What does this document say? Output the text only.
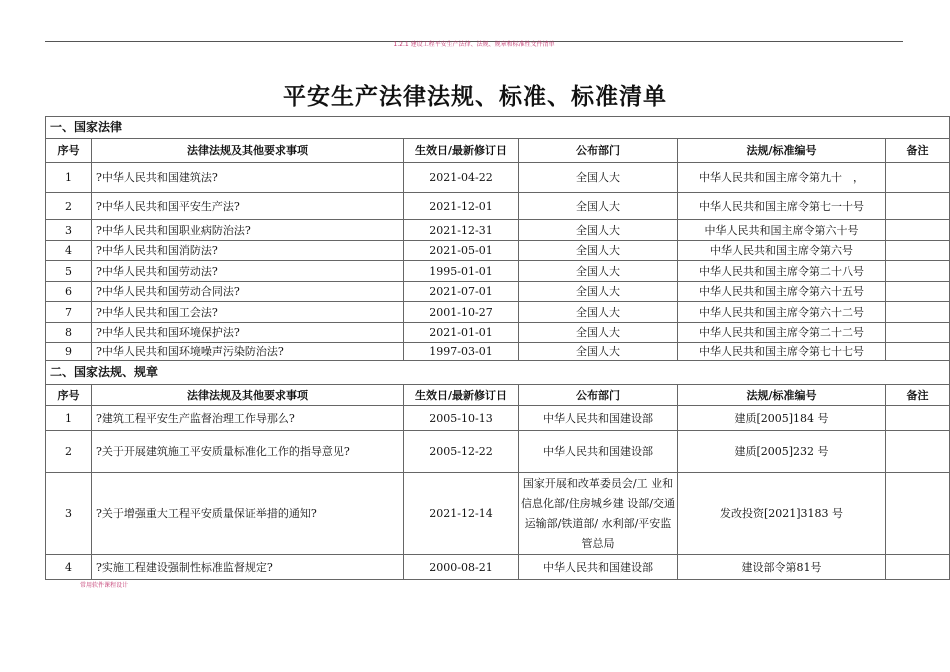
1.2.1 建设工程平安生产法律、法规、规章和标准性文件清单
平安生产法律法规、标准、标准清单
一、国家法律					
序号	法律法规及其他要求事项	生效日/最新修订日	公布部门	法规/标准编号	备注
1	?中华人民共和国建筑法?	2021-04-22	全国人大	中华人民共和国主席令第九十　，	
2	?中华人民共和国平安生产法?	2021-12-01	全国人大	中华人民共和国主席令第七一十号	
3	?中华人民共和国职业病防治法?	2021-12-31	全国人大	中华人民共和国主席令第六十号	
4	?中华人民共和国消防法?	2021-05-01	全国人大	中华人民共和国主席令第六号	
5	?中华人民共和国劳动法?	1995-01-01	全国人大	中华人民共和国主席令第二十八号	
6	?中华人民共和国劳动合同法?	2021-07-01	全国人大	中华人民共和国主席令第六十五号	
7	?中华人民共和国工会法?	2001-10-27	全国人大	中华人民共和国主席令第六十二号	
8	?中华人民共和国环境保护法?	2021-01-01	全国人大	中华人民共和国主席令第二十二号	
9	?中华人民共和国环境噪声污染防治法?	1997-03-01	全国人大	中华人民共和国主席令第七十七号	
二、国家法规、规章					
序号	法律法规及其他要求事项	生效日/最新修订日	公布部门	法规/标准编号	备注
1	?建筑工程平安生产监督治理工作导那么?	2005-10-13	中华人民共和国建设部	建质[2005]184 号	
2	?关于开展建筑施工平安质量标准化工作的指导意见?	2005-12-22	中华人民共和国建设部	建质[2005]232 号	
3	?关于增强重大工程平安质量保证举措的通知?	2021-12-14	国家开展和改革委员会/工 业和信息化部/住房城乡建 设部/交通运输部/铁道部/ 水利部/平安监管总局	发改投资[2021]3183 号	
4	?实施工程建设强制性标准监督规定?	2000-08-21	中华人民共和国建设部	建设部令第81号	
常用软件课程设计
